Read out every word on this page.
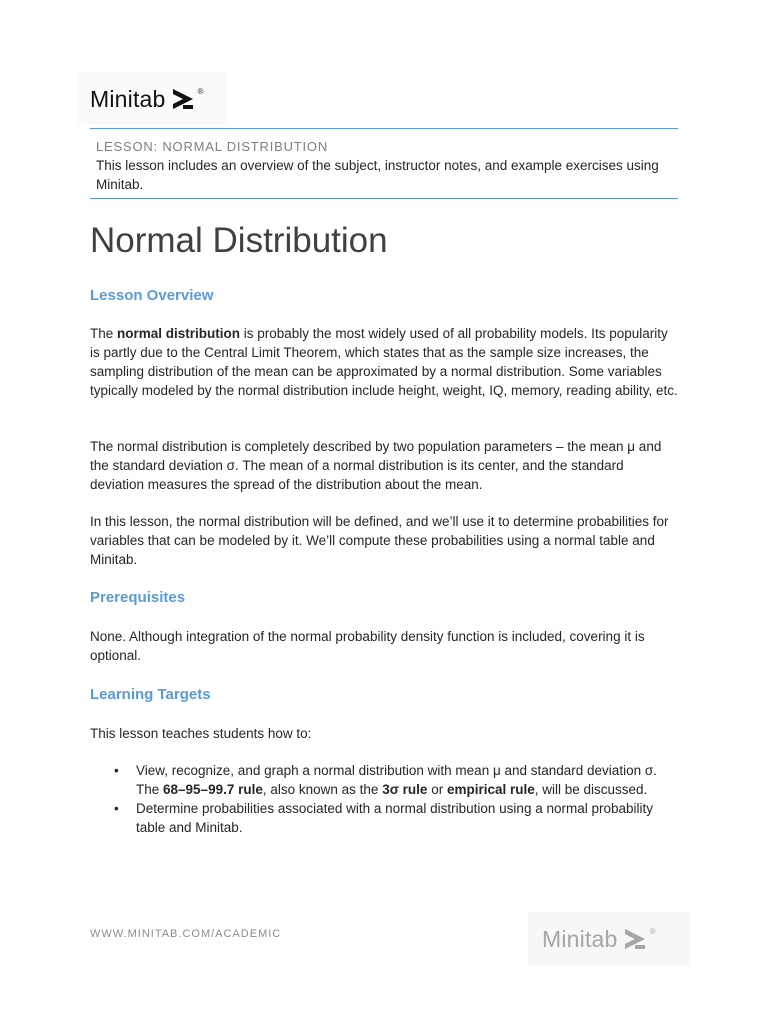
Minitab	®
LESSON: NORMAL DISTRIBUTION
This lesson includes an overview of the subject, instructor notes, and example exercises using Minitab.
Normal Distribution
Lesson Overview
The normal distribution is probably the most widely used of all probability models. Its popularity is partly due to the Central Limit Theorem, which states that as the sample size increases, the sampling distribution of the mean can be approximated by a normal distribution. Some variables typically modeled by the normal distribution include height, weight, IQ, memory, reading ability, etc.
The normal distribution is completely described by two population parameters – the mean μ and the standard deviation σ. The mean of a normal distribution is its center, and the standard deviation measures the spread of the distribution about the mean.
In this lesson, the normal distribution will be defined, and we’ll use it to determine probabilities for variables that can be modeled by it. We’ll compute these probabilities using a normal table and Minitab.
Prerequisites
None. Although integration of the normal probability density function is included, covering it is optional.
Learning Targets
This lesson teaches students how to:
• View, recognize, and graph a normal distribution with mean μ and standard deviation σ. The 68–95–99.7 rule, also known as the 3σ rule or empirical rule, will be discussed.
• Determine probabilities associated with a normal distribution using a normal probability table and Minitab.
WWW.MINITAB.COM/ACADEMIC	Minitab	®
